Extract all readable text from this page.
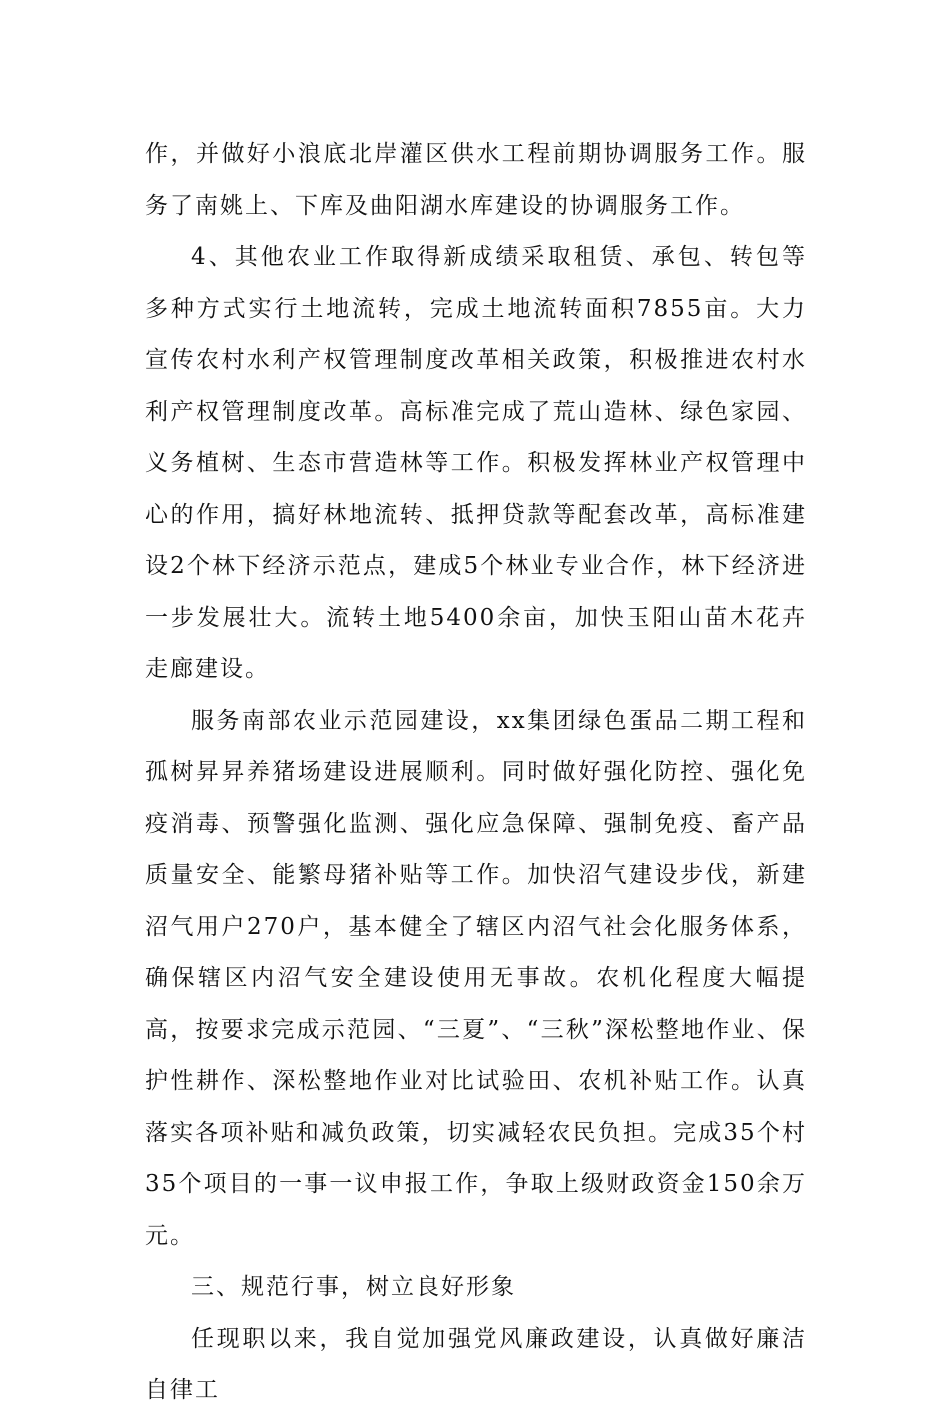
作，并做好小浪底北岸灌区供水工程前期协调服务工作。服务了南姚上、下库及曲阳湖水库建设的协调服务工作。

4、其他农业工作取得新成绩采取租赁、承包、转包等多种方式实行土地流转，完成土地流转面积7855亩。大力宣传农村水利产权管理制度改革相关政策，积极推进农村水利产权管理制度改革。高标准完成了荒山造林、绿色家园、义务植树、生态市营造林等工作。积极发挥林业产权管理中心的作用，搞好林地流转、抵押贷款等配套改革，高标准建设2个林下经济示范点，建成5个林业专业合作，林下经济进一步发展壮大。流转土地5400余亩，加快玉阳山苗木花卉走廊建设。

服务南部农业示范园建设，xx集团绿色蛋品二期工程和孤树昇昇养猪场建设进展顺利。同时做好强化防控、强化免疫消毒、预警强化监测、强化应急保障、强制免疫、畜产品质量安全、能繁母猪补贴等工作。加快沼气建设步伐，新建沼气用户270户，基本健全了辖区内沼气社会化服务体系，确保辖区内沼气安全建设使用无事故。农机化程度大幅提高，按要求完成示范园、“三夏”、“三秋”深松整地作业、保护性耕作、深松整地作业对比试验田、农机补贴工作。认真落实各项补贴和减负政策，切实减轻农民负担。完成35个村35个项目的一事一议申报工作，争取上级财政资金150余万元。

三、规范行事，树立良好形象

任现职以来，我自觉加强党风廉政建设，认真做好廉洁自律工
